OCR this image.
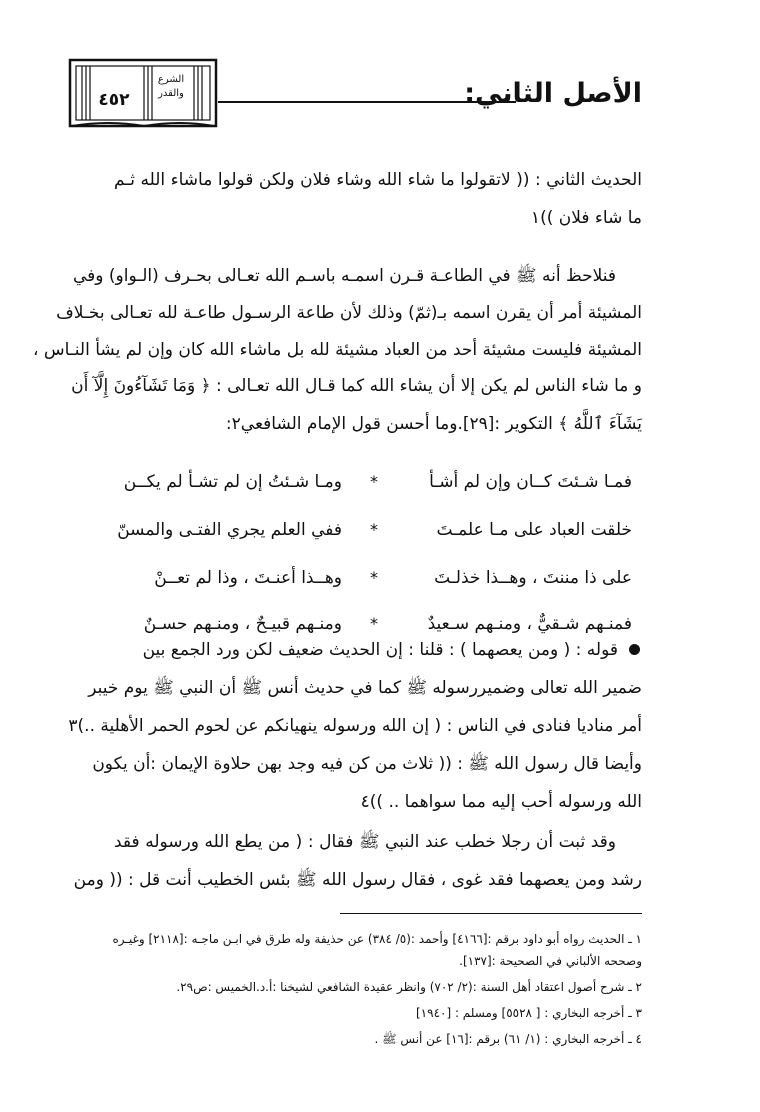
الأصل الثاني:
٤٥٢
الشرع
والقدر
الحديث الثاني : (( لاتقولوا ما شاء الله وشاء فلان ولكن قولوا ماشاء الله ثـم
ما شاء فلان ))١
فنلاحظ أنه ﷺ في الطاعـة قـرن اسمـه باسـم الله تعـالى بحـرف (الـواو) وفي
المشيئة أمر أن يقرن اسمه بـ(ثمّ) وذلك لأن طاعة الرسـول طاعـة لله تعـالى بخـلاف
المشيئة فليست مشيئة أحد من العباد مشيئة لله بل ماشاء الله كان وإن لم يشأ النـاس ،
و ما شاء الناس لم يكن إلا أن يشاء الله كما قـال الله تعـالى : ﴿ وَمَا تَشَآءُونَ إِلَّآ أَن
يَشَآءَ ٱللَّهُ ﴾ التكوير :[٢٩].وما أحسن قول الإمام الشافعي٢:
فمـا شـئتَ كــان وإن لم أشـأ
*
ومـا شـئتُ إن لم تشـأ لم يكــن
خلقت العباد على مـا علمـتَ
*
ففي العلم يجري الفتـى والمسنّ
على ذا مننتَ ، وهــذا خذلـتَ
*
وهــذا أعنـتَ ، وذا لم تعــنْ
فمنـهم شـقيٌّ ، ومنـهم سـعيدٌ
*
ومنـهم قبيـحٌ ، ومنـهم حسـنٌ
قوله : ( ومن يعصهما ) : قلنا : إن الحديث ضعيف لكن ورد الجمع بين
ضمير الله تعالى وضميررسوله ﷺ كما في حديث أنس ﷺ أن النبي ﷺ يوم خيبر
أمر مناديا فنادى في الناس : ( إن الله ورسوله ينهيانكم عن لحوم الحمر الأهلية ..)٣
وأيضا قال رسول الله ﷺ : (( ثلاث من كن فيه وجد بهن حلاوة الإيمان :أن يكون
الله ورسوله أحب إليه مما سواهما .. ))٤
وقد ثبت أن رجلا خطب عند النبي ﷺ فقال : ( من يطع الله ورسوله فقد
رشد ومن يعصهما فقد غوى ، فقال رسول الله ﷺ بئس الخطيب أنت قل : (( ومن
١ ـ الحديث رواه أبو داود برقم :[٤١٦٦] وأحمد :(٥/ ٣٨٤) عن حذيفة وله طرق في ابـن ماجـه :[٢١١٨] وغيـره
وصححه الألباني في الصحيحة :[١٣٧].
٢ ـ شرح أصول اعتقاد أهل السنة :(٢/ ٧٠٢) وانظر عقيدة الشافعي لشيخنا :أ.د.الخميس :ص٢٩.
٣ ـ أخرجه البخاري : [ ٥٥٢٨] ومسلم : [١٩٤٠]
٤ ـ أخرجه البخاري : (١/ ٦١) برقم :[١٦] عن أنس ﷺ .
